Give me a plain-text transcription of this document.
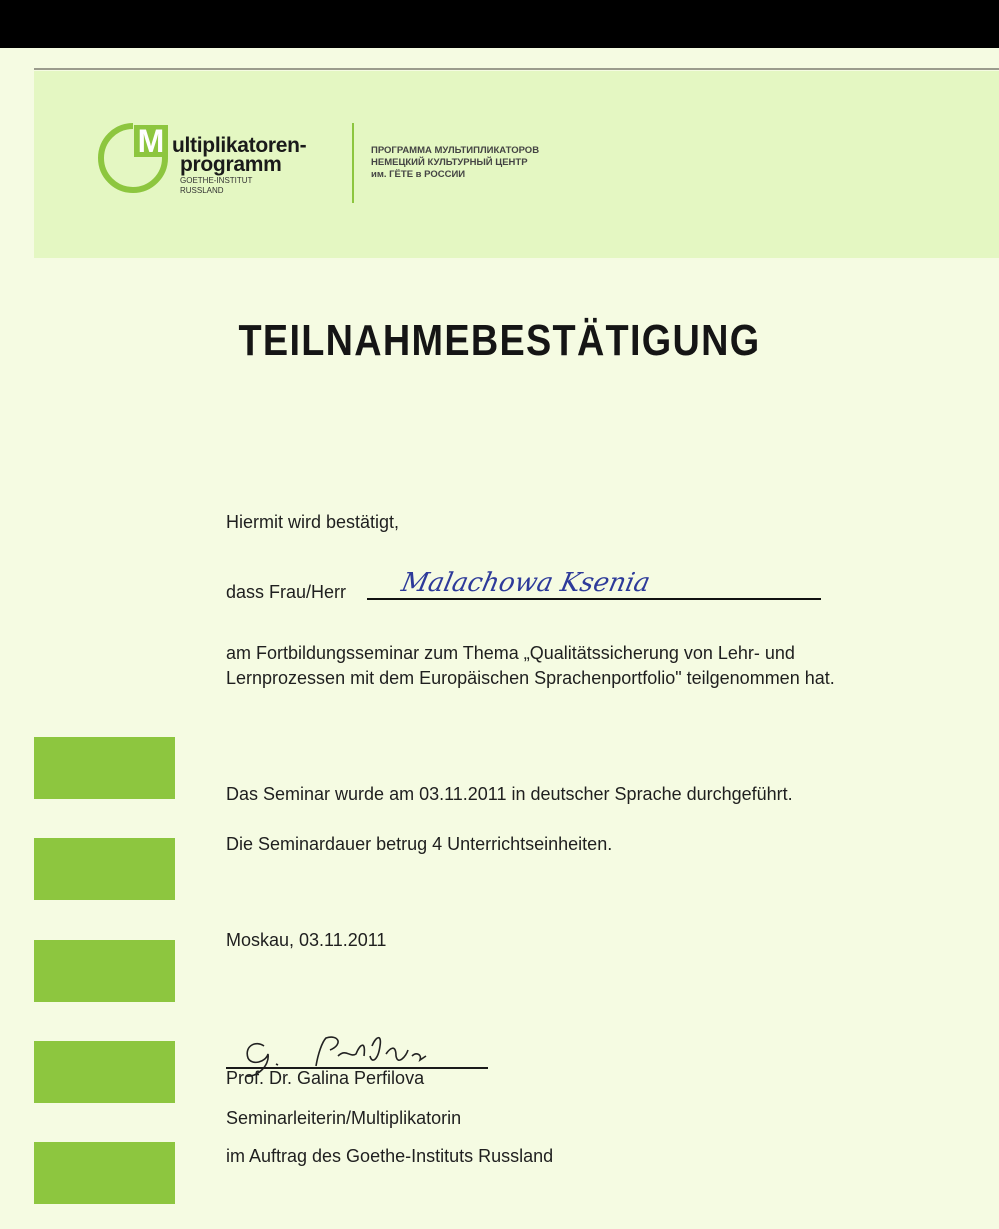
M ultiplikatoren-
programm
GOETHE-INSTITUT
RUSSLAND
ПРОГРАММА МУЛЬТИПЛИКАТОРОВ
НЕМЕЦКИЙ КУЛЬТУРНЫЙ ЦЕНТР
им. ГЁТЕ в РОССИИ
TEILNAHMEBESTÄTIGUNG
Hiermit wird bestätigt,
dass Frau/Herr Malachowa Ksenia
am Fortbildungsseminar zum Thema „Qualitätssicherung von Lehr- und Lernprozessen mit dem Europäischen Sprachenportfolio" teilgenommen hat.
Das Seminar wurde am 03.11.2011 in deutscher Sprache durchgeführt.
Die Seminardauer betrug 4 Unterrichtseinheiten.
Moskau, 03.11.2011
Prof. Dr. Galina Perfilova
Seminarleiterin/Multiplikatorin
im Auftrag des Goethe-Instituts Russland
